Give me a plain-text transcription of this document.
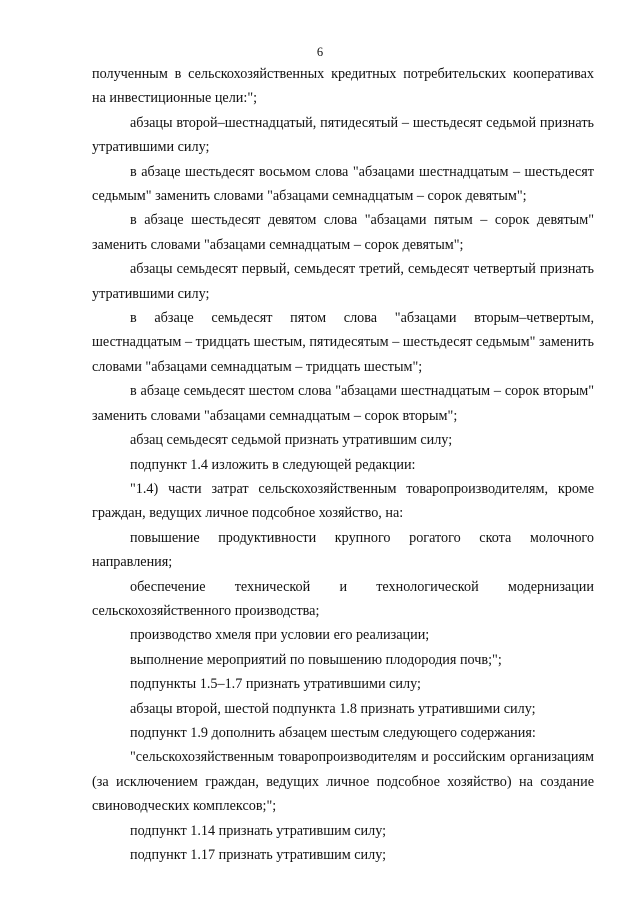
6

полученным в сельскохозяйственных кредитных потребительских кооперативах на инвестиционные цели:";

абзацы второй–шестнадцатый, пятидесятый – шестьдесят седьмой признать утратившими силу;

в абзаце шестьдесят восьмом слова "абзацами шестнадцатым – шестьдесят седьмым" заменить словами "абзацами семнадцатым – сорок девятым";

в абзаце шестьдесят девятом слова "абзацами пятым – сорок девятым" заменить словами "абзацами семнадцатым – сорок девятым";

абзацы семьдесят первый, семьдесят третий, семьдесят четвертый признать утратившими силу;

в абзаце семьдесят пятом слова "абзацами вторым–четвертым, шестнадцатым – тридцать шестым, пятидесятым – шестьдесят седьмым" заменить словами "абзацами семнадцатым – тридцать шестым";

в абзаце семьдесят шестом слова "абзацами шестнадцатым – сорок вторым" заменить словами "абзацами семнадцатым – сорок вторым";

абзац семьдесят седьмой признать утратившим силу;

подпункт 1.4 изложить в следующей редакции:

"1.4) части затрат сельскохозяйственным товаропроизводителям, кроме граждан, ведущих личное подсобное хозяйство, на:

повышение продуктивности крупного рогатого скота молочного направления;

обеспечение технической и технологической модернизации сельскохозяйственного производства;

производство хмеля при условии его реализации;

выполнение мероприятий по повышению плодородия почв;";

подпункты 1.5–1.7 признать утратившими силу;

абзацы второй, шестой подпункта 1.8 признать утратившими силу;

подпункт 1.9 дополнить абзацем шестым следующего содержания:

"сельскохозяйственным товаропроизводителям и российским организациям (за исключением граждан, ведущих личное подсобное хозяйство) на создание свиноводческих комплексов;";

подпункт 1.14 признать утратившим силу;

подпункт 1.17 признать утратившим силу;
